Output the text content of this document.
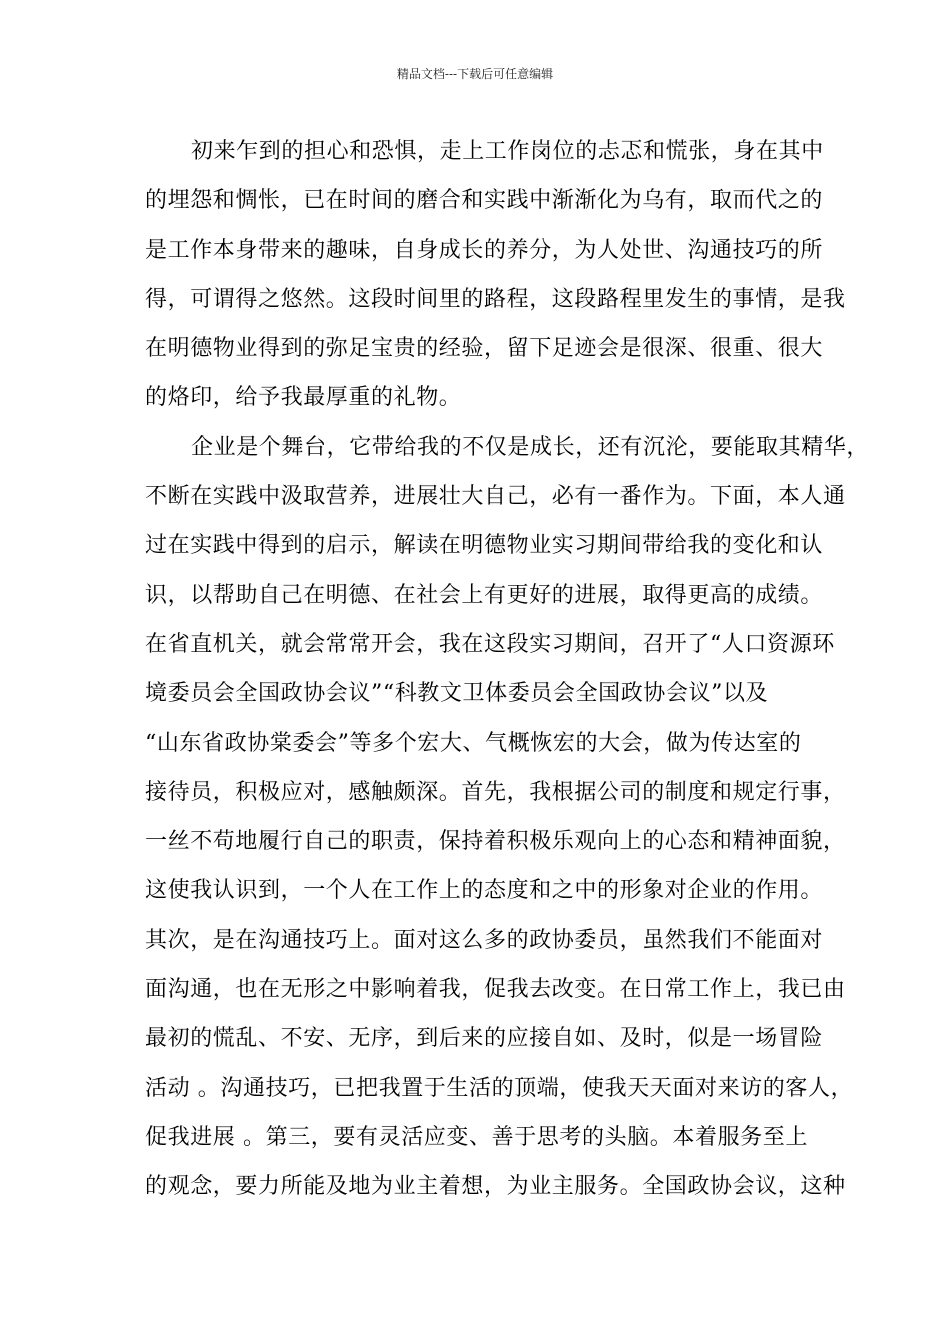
精品文档---下载后可任意编辑
初来乍到的担心和恐惧，走上工作岗位的忐忑和慌张，身在其中
的埋怨和惆怅，已在时间的磨合和实践中渐渐化为乌有，取而代之的
是工作本身带来的趣味，自身成长的养分，为人处世、沟通技巧的所
得，可谓得之悠然。这段时间里的路程，这段路程里发生的事情，是我
在明德物业得到的弥足宝贵的经验，留下足迹会是很深、很重、很大
的烙印，给予我最厚重的礼物。
企业是个舞台，它带给我的不仅是成长，还有沉沦，要能取其精华，
不断在实践中汲取营养，进展壮大自己，必有一番作为。下面，本人通
过在实践中得到的启示，解读在明德物业实习期间带给我的变化和认
识，以帮助自己在明德、在社会上有更好的进展，取得更高的成绩。
在省直机关，就会常常开会，我在这段实习期间，召开了“人口资源环
境委员会全国政协会议”“科教文卫体委员会全国政协会议”以及
“山东省政协棠委会”等多个宏大、气概恢宏的大会，做为传达室的
接待员，积极应对，感触颇深。首先，我根据公司的制度和规定行事，
一丝不苟地履行自己的职责，保持着积极乐观向上的心态和精神面貌，
这使我认识到，一个人在工作上的态度和之中的形象对企业的作用。
其次，是在沟通技巧上。面对这么多的政协委员，虽然我们不能面对
面沟通，也在无形之中影响着我，促我去改变。在日常工作上，我已由
最初的慌乱、不安、无序，到后来的应接自如、及时，似是一场冒险
活动 。沟通技巧，已把我置于生活的顶端，使我天天面对来访的客人，
促我进展 。第三，要有灵活应变、善于思考的头脑。本着服务至上
的观念，要力所能及地为业主着想，为业主服务。全国政协会议，这种
